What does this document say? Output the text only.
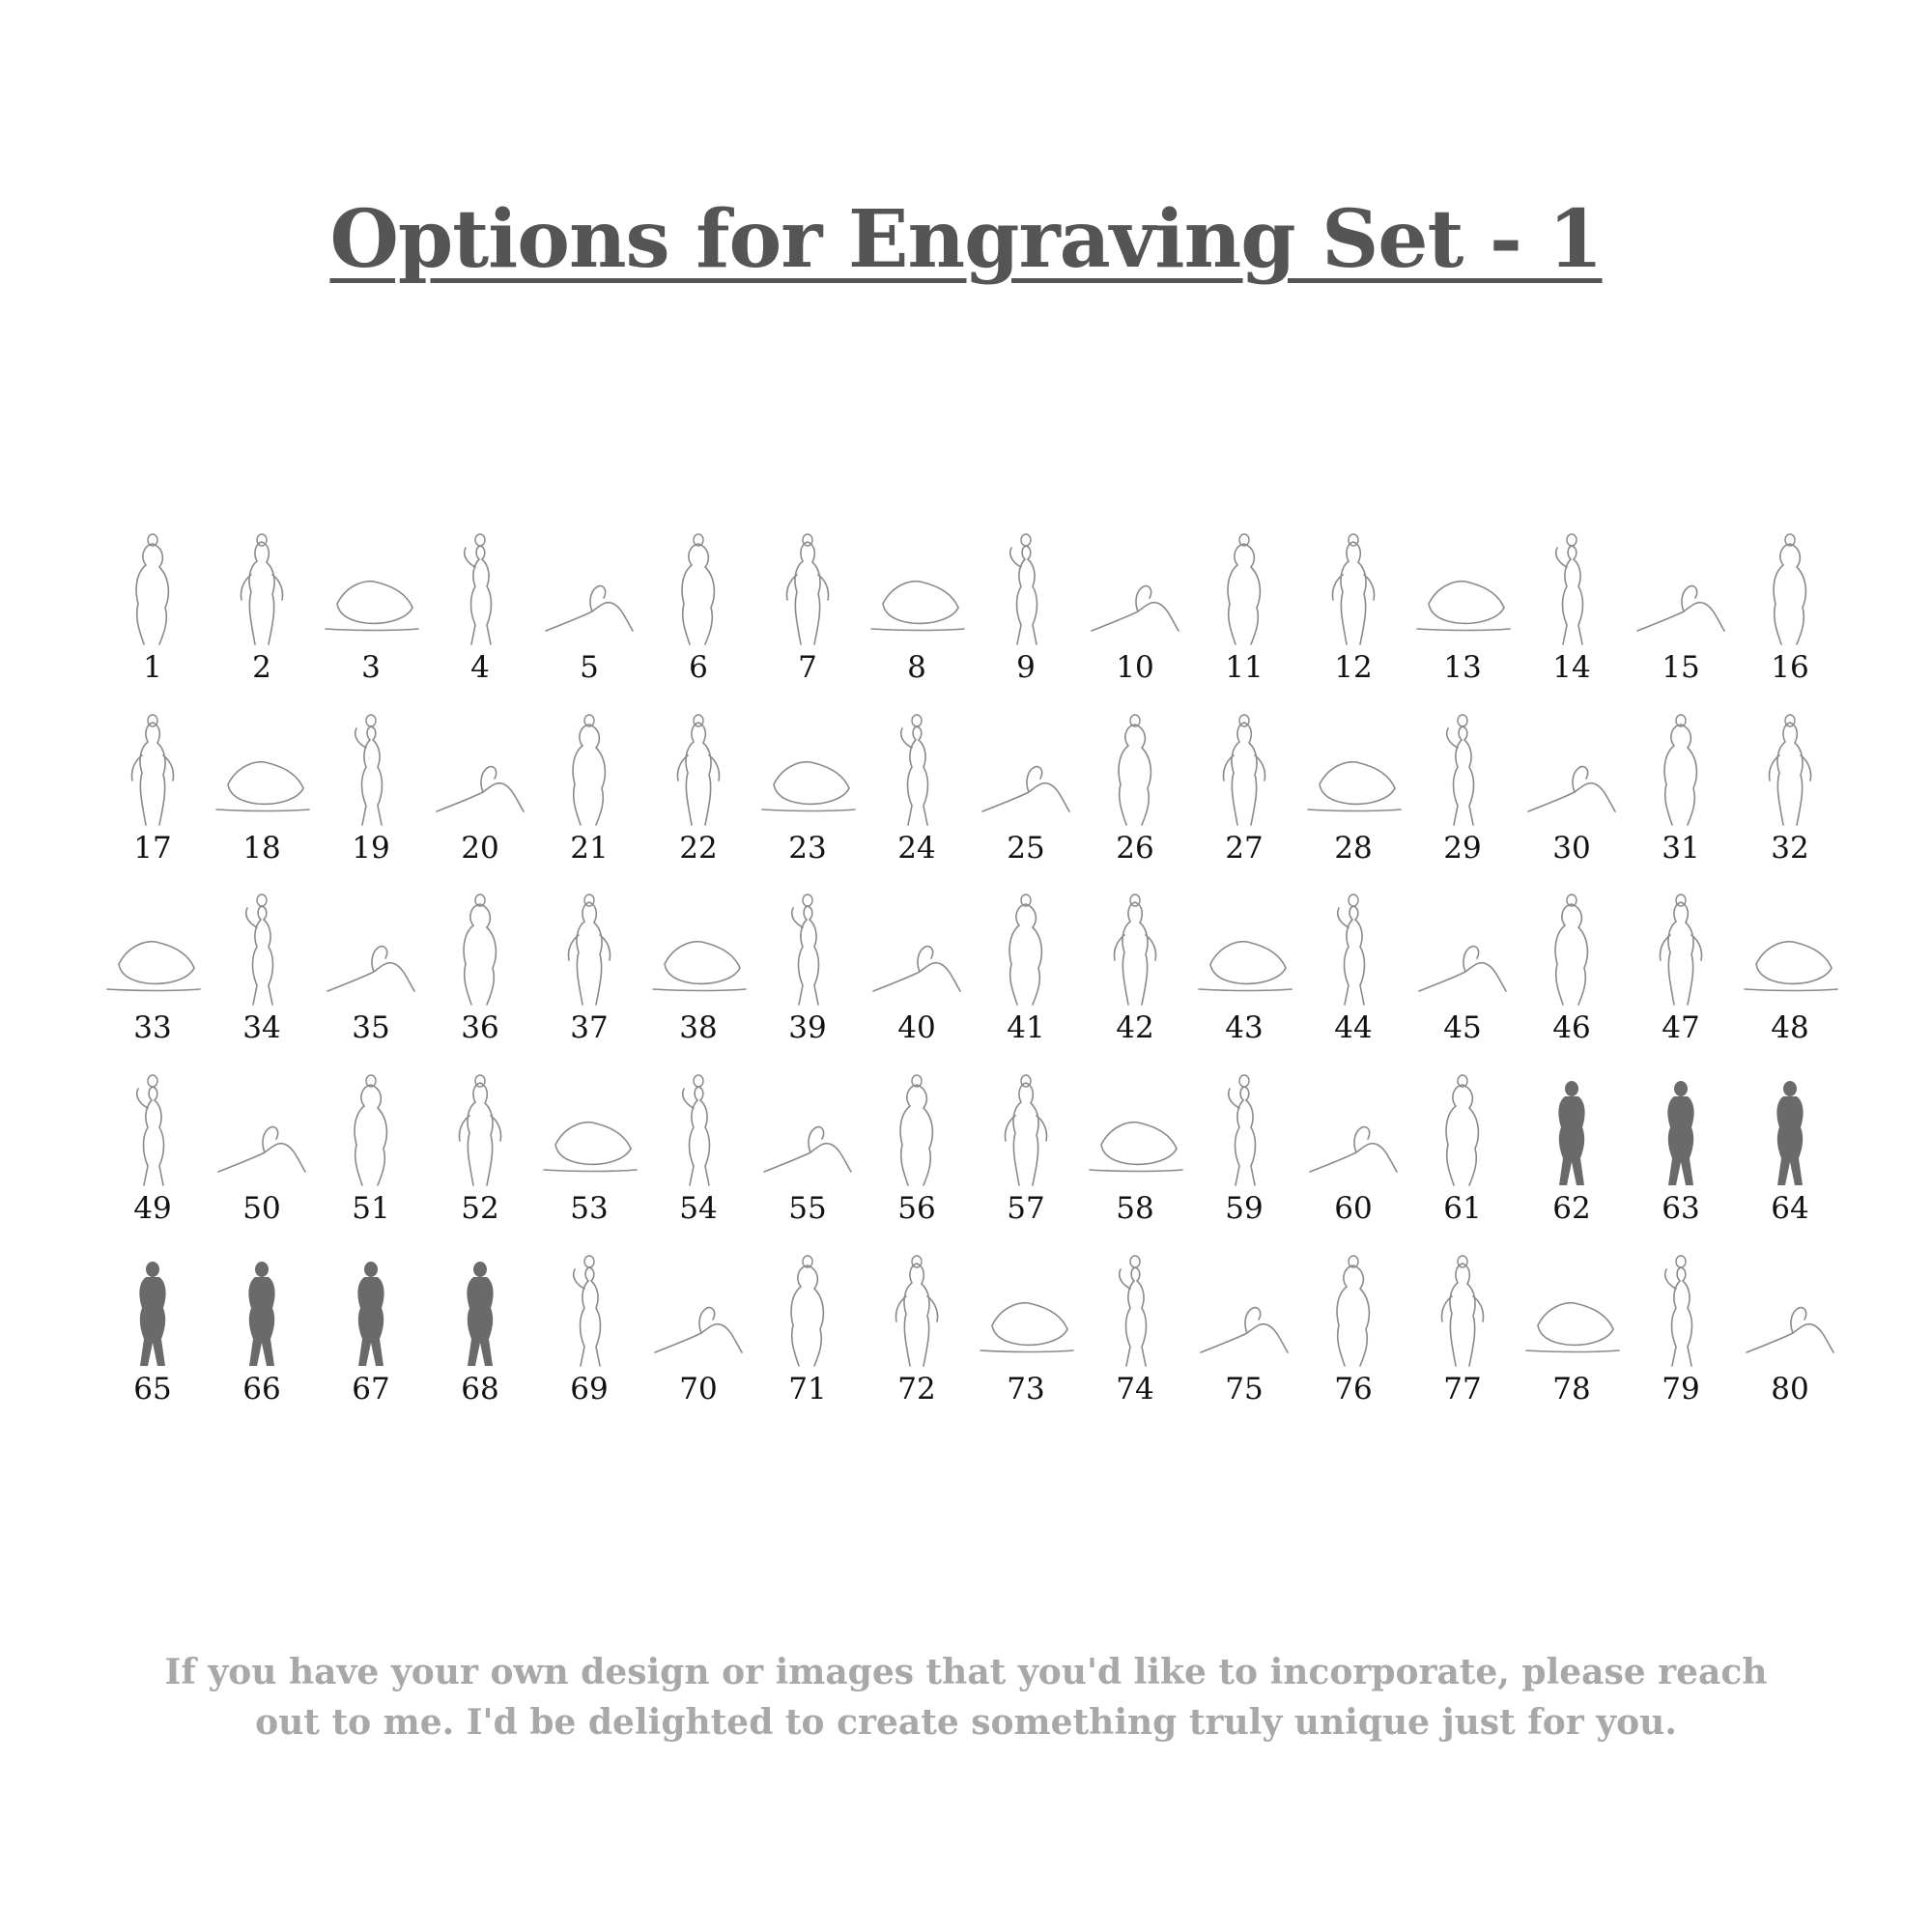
Options for Engraving Set - 1
1	2	3	4	5	6	7	8	9	10	11	12	13	14	15	16
17	18	19	20	21	22	23	24	25	26	27	28	29	30	31	32
33	34	35	36	37	38	39	40	41	42	43	44	45	46	47	48
49	50	51	52	53	54	55	56	57	58	59	60	61	62	63	64
65	66	67	68	69	70	71	72	73	74	75	76	77	78	79	80
If you have your own design or images that you'd like to incorporate, please reach
out to me. I'd be delighted to create something truly unique just for you.
